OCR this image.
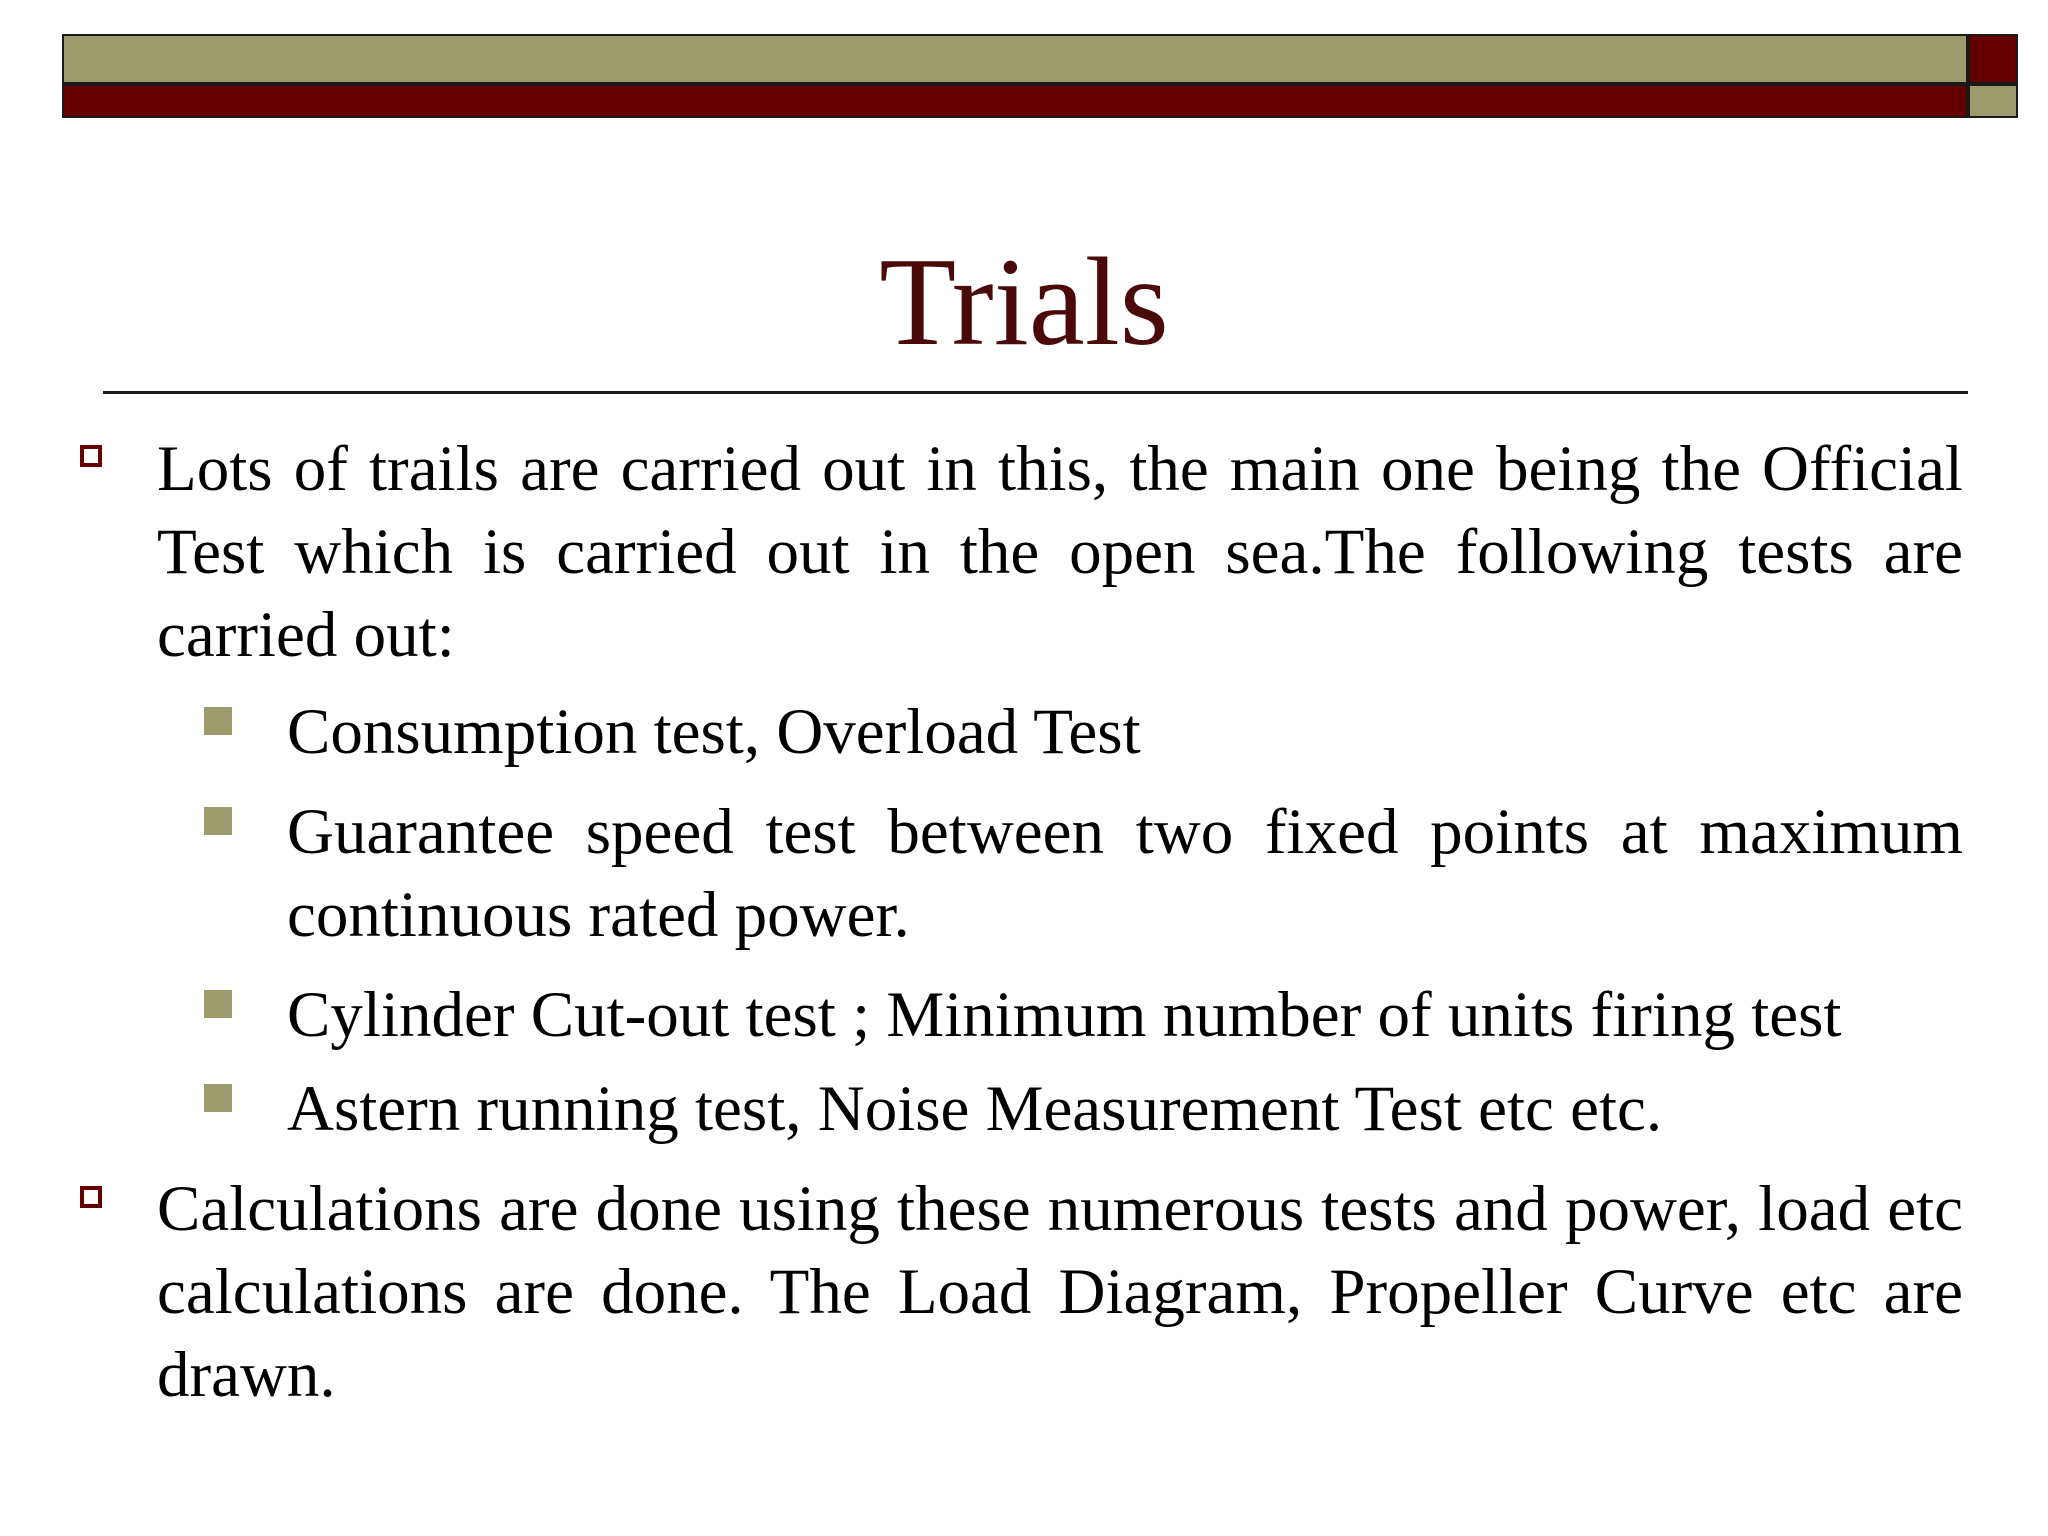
Trials
Lots of trails are carried out in this, the main one being the Official Test which is carried out in the open sea.The following tests are carried out:
Consumption test, Overload Test
Guarantee speed test between two fixed points at maximum continuous rated power.
Cylinder Cut-out test ; Minimum number of units firing test
Astern running test, Noise Measurement Test etc etc.
Calculations are done using these numerous tests and power, load etc calculations are done. The Load Diagram, Propeller Curve etc are drawn.
